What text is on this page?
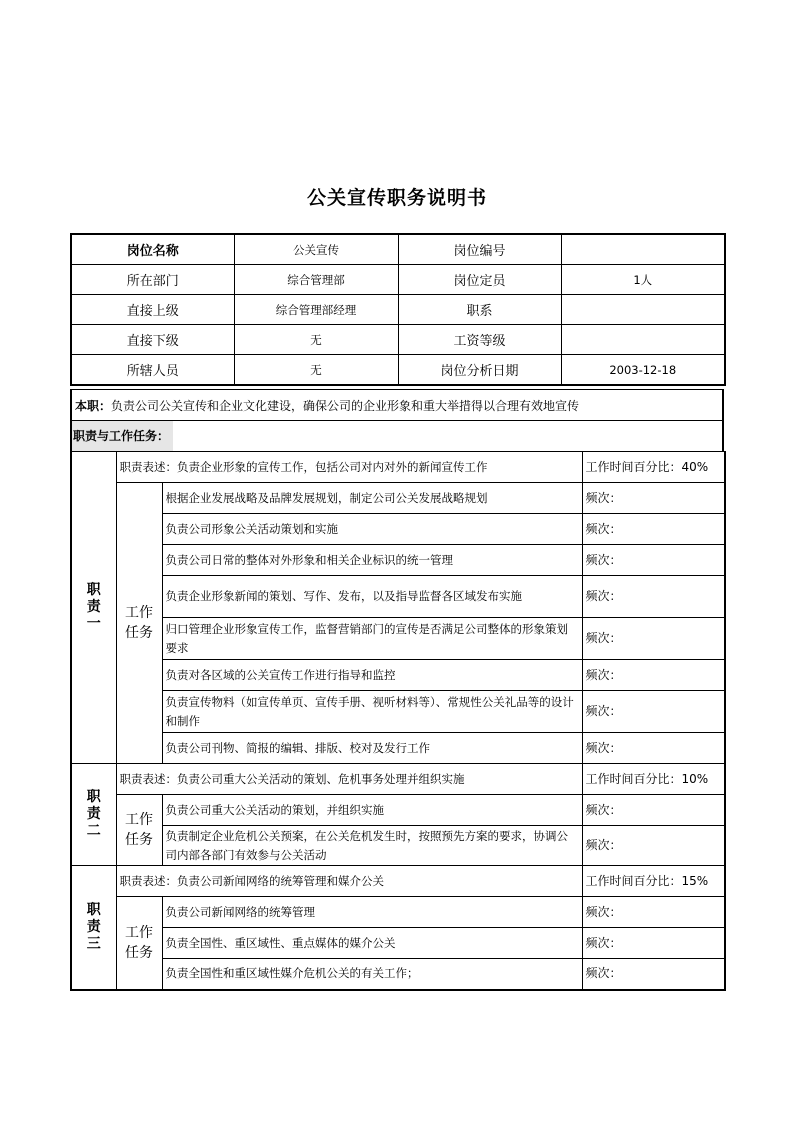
公关宣传职务说明书
岗位名称	公关宣传	岗位编号	
所在部门	综合管理部	岗位定员	1人
直接上级	综合管理部经理	职系	
直接下级	无	工资等级	
所辖人员	无	岗位分析日期	2003-12-18
本职：负责公司公关宣传和企业文化建设，确保公司的企业形象和重大举措得以合理有效地宣传
职责与工作任务：
职
责
一	职责表述：负责企业形象的宣传工作，包括公司对内对外的新闻宣传工作		工作时间百分比：40%

	工作
任务	根据企业发展战略及品牌发展规划，制定公司公关发展战略规划	频次：
		负责公司形象公关活动策划和实施	频次：
		负责公司日常的整体对外形象和相关企业标识的统一管理	频次：
		负责企业形象新闻的策划、写作、发布，以及指导监督各区域发布实施	频次：
		归口管理企业形象宣传工作，监督营销部门的宣传是否满足公司整体的形象策划要求	频次：
		负责对各区域的公关宣传工作进行指导和监控	频次：
		负责宣传物料（如宣传单页、宣传手册、视听材料等）、常规性公关礼品等的设计和制作	频次：
		负责公司刊物、简报的编辑、排版、校对及发行工作	频次：

职
责
二	职责表述：负责公司重大公关活动的策划、危机事务处理并组织实施		工作时间百分比：10%

	工作
任务	负责公司重大公关活动的策划，并组织实施	频次：
		负责制定企业危机公关预案，在公关危机发生时，按照预先方案的要求，协调公司内部各部门有效参与公关活动	频次：

职
责
三	职责表述：负责公司新闻网络的统筹管理和媒介公关		工作时间百分比：15%

	工作
任务	负责公司新闻网络的统筹管理	频次：
		负责全国性、重区域性、重点媒体的媒介公关	频次：
		负责全国性和重区域性媒介危机公关的有关工作；	频次：
